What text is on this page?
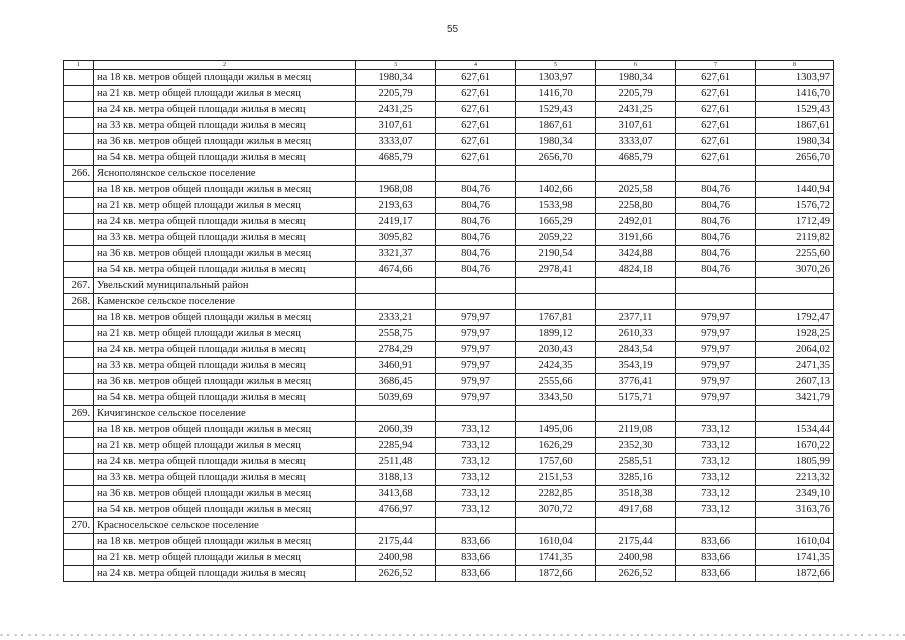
55
1	2	3	4	5	6	7	8
	на 18 кв. метров общей площади жилья в месяц	1980,34	627,61	1303,97	1980,34	627,61	1303,97
	на 21 кв. метр общей площади жилья в месяц	2205,79	627,61	1416,70	2205,79	627,61	1416,70
	на 24 кв. метра общей площади жилья в месяц	2431,25	627,61	1529,43	2431,25	627,61	1529,43
	на 33 кв. метра общей площади жилья в месяц	3107,61	627,61	1867,61	3107,61	627,61	1867,61
	на 36 кв. метров общей площади жилья в месяц	3333,07	627,61	1980,34	3333,07	627,61	1980,34
	на 54 кв. метра общей площади жилья в месяц	4685,79	627,61	2656,70	4685,79	627,61	2656,70
266.	Яснополянское сельское поселение						
	на 18 кв. метров общей площади жилья в месяц	1968,08	804,76	1402,66	2025,58	804,76	1440,94
	на 21 кв. метр общей площади жилья в месяц	2193,63	804,76	1533,98	2258,80	804,76	1576,72
	на 24 кв. метра общей площади жилья в месяц	2419,17	804,76	1665,29	2492,01	804,76	1712,49
	на 33 кв. метра общей площади жилья в месяц	3095,82	804,76	2059,22	3191,66	804,76	2119,82
	на 36 кв. метров общей площади жилья в месяц	3321,37	804,76	2190,54	3424,88	804,76	2255,60
	на 54 кв. метра общей площади жилья в месяц	4674,66	804,76	2978,41	4824,18	804,76	3070,26
267.	Увельский муниципальный район						
268.	Каменское сельское поселение						
	на 18 кв. метров общей площади жилья в месяц	2333,21	979,97	1767,81	2377,11	979,97	1792,47
	на 21 кв. метр общей площади жилья в месяц	2558,75	979,97	1899,12	2610,33	979,97	1928,25
	на 24 кв. метра общей площади жилья в месяц	2784,29	979,97	2030,43	2843,54	979,97	2064,02
	на 33 кв. метра общей площади жилья в месяц	3460,91	979,97	2424,35	3543,19	979,97	2471,35
	на 36 кв. метров общей площади жилья в месяц	3686,45	979,97	2555,66	3776,41	979,97	2607,13
	на 54 кв. метра общей площади жилья в месяц	5039,69	979,97	3343,50	5175,71	979,97	3421,79
269.	Кичигинское сельское поселение						
	на 18 кв. метров общей площади жилья в месяц	2060,39	733,12	1495,06	2119,08	733,12	1534,44
	на 21 кв. метр общей площади жилья в месяц	2285,94	733,12	1626,29	2352,30	733,12	1670,22
	на 24 кв. метра общей площади жилья в месяц	2511,48	733,12	1757,60	2585,51	733,12	1805,99
	на 33 кв. метра общей площади жилья в месяц	3188,13	733,12	2151,53	3285,16	733,12	2213,32
	на 36 кв. метров общей площади жилья в месяц	3413,68	733,12	2282,85	3518,38	733,12	2349,10
	на 54 кв. метров общей площади жилья в месяц	4766,97	733,12	3070,72	4917,68	733,12	3163,76
270.	Красносельское сельское поселение						
	на 18 кв. метров общей площади жилья в месяц	2175,44	833,66	1610,04	2175,44	833,66	1610,04
	на 21 кв. метр общей площади жилья в месяц	2400,98	833,66	1741,35	2400,98	833,66	1741,35
	на 24 кв. метра общей площади жилья в месяц	2626,52	833,66	1872,66	2626,52	833,66	1872,66
